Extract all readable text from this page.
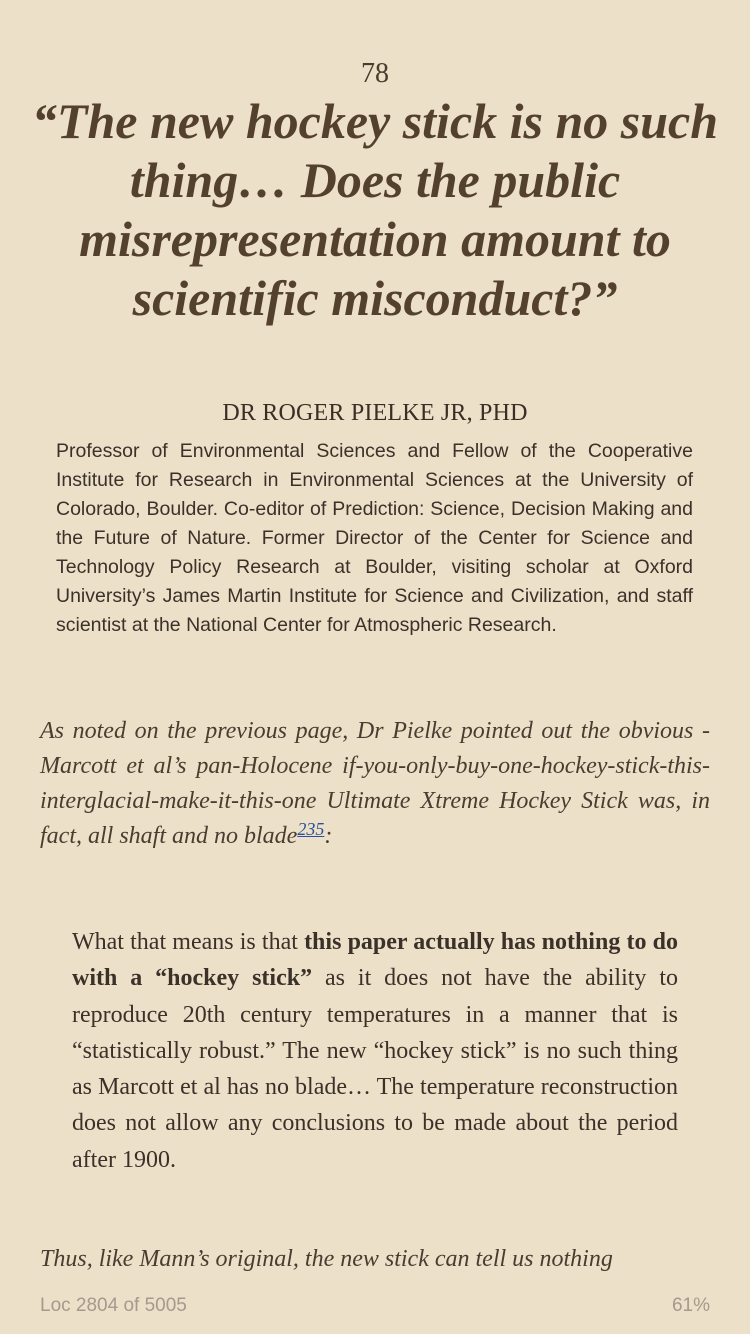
78
“The new hockey stick is no such thing… Does the public misrepresentation amount to scientific misconduct?”
DR ROGER PIELKE JR, PHD

Professor of Environmental Sciences and Fellow of the Cooperative Institute for Research in Environmental Sciences at the University of Colorado, Boulder. Co-editor of Prediction: Science, Decision Making and the Future of Nature. Former Director of the Center for Science and Technology Policy Research at Boulder, visiting scholar at Oxford University’s James Martin Institute for Science and Civilization, and staff scientist at the National Center for Atmospheric Research.

As noted on the previous page, Dr Pielke pointed out the obvious - Marcott et al’s pan-Holocene if-you-only-buy-one-hockey-stick-this-interglacial-make-it-this-one Ultimate Xtreme Hockey Stick was, in fact, all shaft and no blade$^{235}$:

What that means is that this paper actually has nothing to do with a “hockey stick” as it does not have the ability to reproduce 20th century temperatures in a manner that is “statistically robust.” The new “hockey stick” is no such thing as Marcott et al has no blade… The temperature reconstruction does not allow any conclusions to be made about the period after 1900.

Thus, like Mann’s original, the new stick can tell us nothing

Loc 2804 of 5005	61%
